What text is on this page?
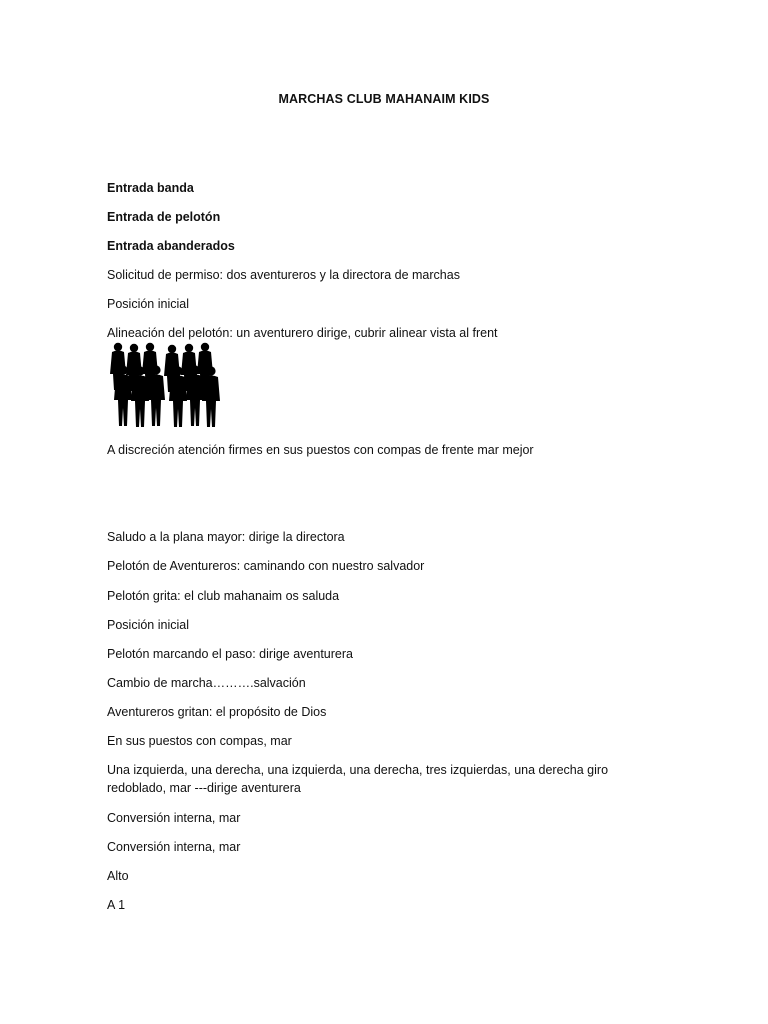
MARCHAS CLUB MAHANAIM KIDS
Entrada banda
Entrada de pelotón
Entrada abanderados
Solicitud de permiso: dos aventureros y la directora de marchas
Posición inicial
Alineación del pelotón: un aventurero dirige, cubrir alinear vista al frent
A discreción atención firmes en sus puestos con compas de frente mar mejor
Saludo a la plana mayor: dirige la directora
Pelotón de Aventureros: caminando con nuestro salvador
Pelotón grita: el club mahanaim os saluda
Posición inicial
Pelotón marcando el paso: dirige aventurera
Cambio de marcha……….salvación
Aventureros gritan: el propósito de Dios
En sus puestos con compas, mar
Una izquierda, una derecha, una izquierda, una derecha, tres izquierdas, una derecha giro redoblado, mar ---dirige aventurera
Conversión interna, mar
Conversión interna, mar
Alto
A 1
